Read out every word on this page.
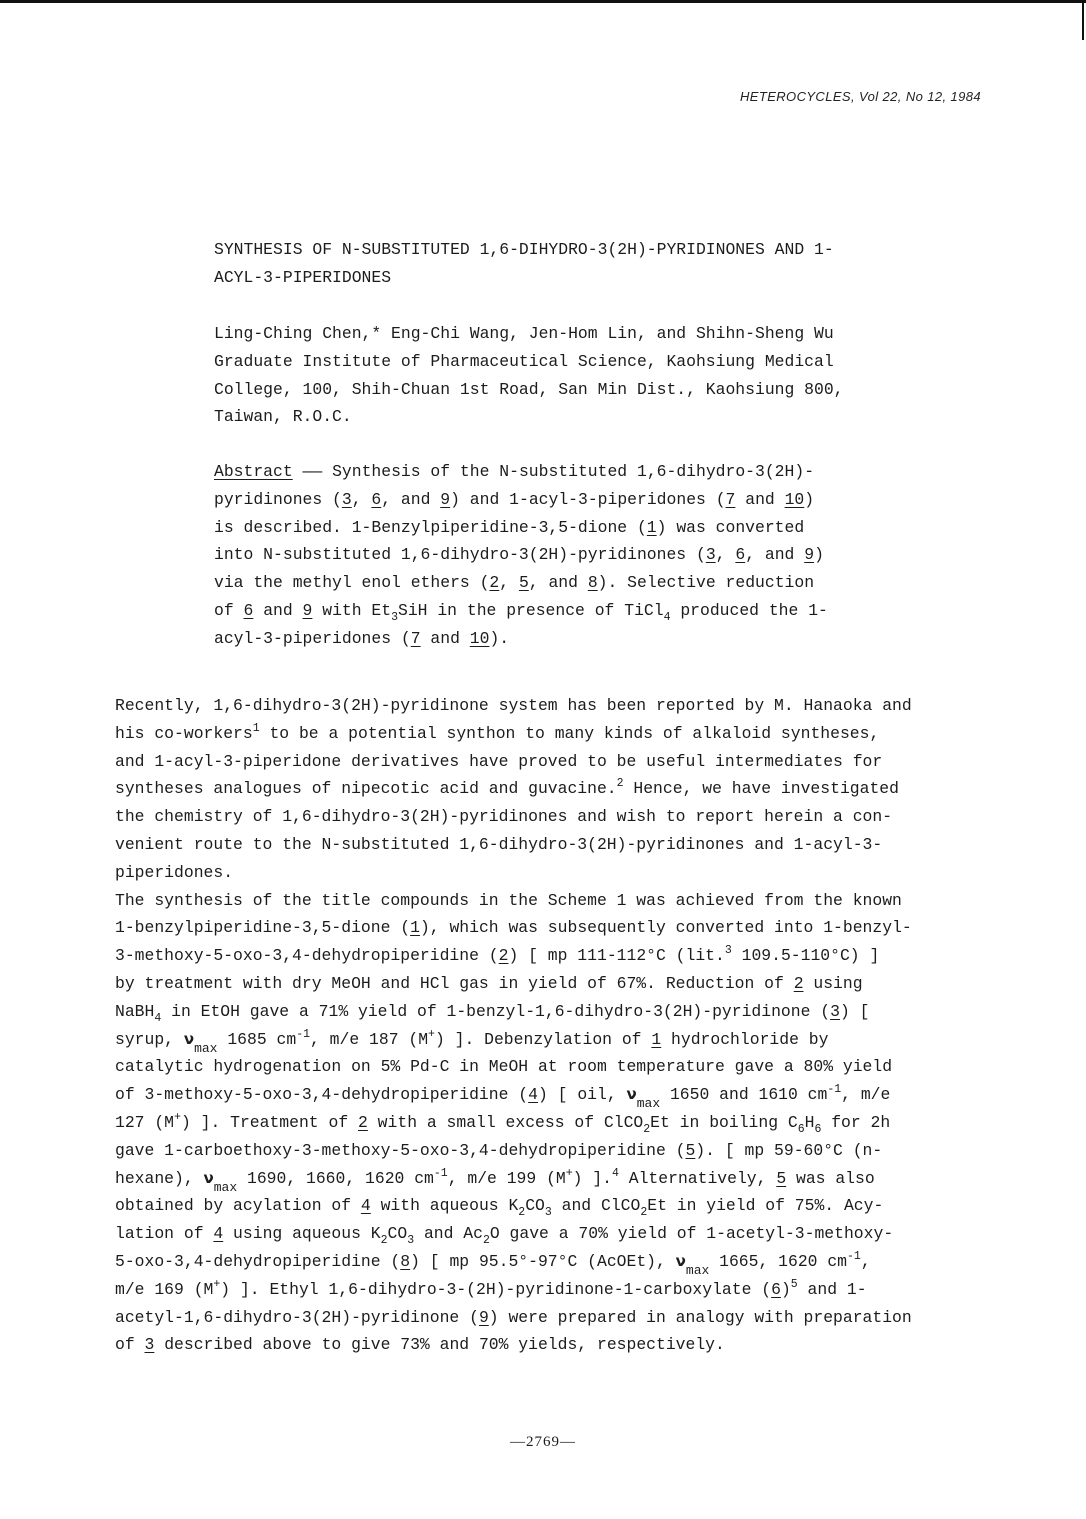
HETEROCYCLES, Vol 22, No 12, 1984
SYNTHESIS OF N-SUBSTITUTED 1,6-DIHYDRO-3(2H)-PYRIDINONES AND 1-
ACYL-3-PIPERIDONES
Ling-Ching Chen,* Eng-Chi Wang, Jen-Hom Lin, and Shihn-Sheng Wu
Graduate Institute of Pharmaceutical Science, Kaohsiung Medical
College, 100, Shih-Chuan 1st Road, San Min Dist., Kaohsiung 800,
Taiwan, R.O.C.
Abstract —— Synthesis of the N-substituted 1,6-dihydro-3(2H)-
pyridinones (3, 6, and 9) and 1-acyl-3-piperidones (7 and 10)
is described. 1-Benzylpiperidine-3,5-dione (1) was converted
into N-substituted 1,6-dihydro-3(2H)-pyridinones (3, 6, and 9)
via the methyl enol ethers (2, 5, and 8). Selective reduction
of 6 and 9 with $Et_3SiH$ in the presence of TiCl$_4$ produced the 1-
acyl-3-piperidones (7 and 10).
Recently, 1,6-dihydro-3(2H)-pyridinone system has been reported by M. Hanaoka and
his co-workers$^1$ to be a potential synthon to many kinds of alkaloid syntheses,
and 1-acyl-3-piperidone derivatives have proved to be useful intermediates for
syntheses analogues of nipecotic acid and guvacine.$^2$ Hence, we have investigated
the chemistry of 1,6-dihydro-3(2H)-pyridinones and wish to report herein a con-
venient route to the N-substituted 1,6-dihydro-3(2H)-pyridinones and 1-acyl-3-
piperidones.
The synthesis of the title compounds in the Scheme 1 was achieved from the known
1-benzylpiperidine-3,5-dione (1), which was subsequently converted into 1-benzyl-
3-methoxy-5-oxo-3,4-dehydropiperidine (2) [ mp 111-112°C (lit.$^3$ 109.5-110°C) ]
by treatment with dry MeOH and HCl gas in yield of 67%. Reduction of 2 using
NaBH$_4$ in EtOH gave a 71% yield of 1-benzyl-1,6-dihydro-3(2H)-pyridinone (3) [
syrup, $\nu_{max}$ 1685 $cm^{-1}$, m/e 187 (M+) ]. Debenzylation of 1 hydrochloride by
catalytic hydrogenation on 5% Pd-C in MeOH at room temperature gave a 80% yield
of 3-methoxy-5-oxo-3,4-dehydropiperidine (4) [ oil, $\nu_{max}$ 1650 and 1610 $cm^{-1}$, m/e
127 (M+) ]. Treatment of 2 with a small excess of ClCO$_2$Et in boiling $C_6H_6$ for 2h
gave 1-carboethoxy-3-methoxy-5-oxo-3,4-dehydropiperidine (5). [ mp 59-60°C (n-
hexane), $\nu_{max}$ 1690, 1660, 1620 $cm^{-1}$, m/e 199 (M+) ].$^4$ Alternatively, 5 was also
obtained by acylation of 4 with aqueous $K_2CO_3$ and ClCO$_2$Et in yield of 75%. Acy-
lation of 4 using aqueous $K_2CO_3$ and $Ac_2O$ gave a 70% yield of 1-acetyl-3-methoxy-
5-oxo-3,4-dehydropiperidine (8) [ mp 95.5°-97°C (AcOEt), $\nu_{max}$ 1665, 1620 $cm^{-1}$,
m/e 169 (M+) ]. Ethyl 1,6-dihydro-3-(2H)-pyridinone-1-carboxylate $(6)^5$ and 1-
acetyl-1,6-dihydro-3(2H)-pyridinone (9) were prepared in analogy with preparation
of 3 described above to give 73% and 70% yields, respectively.
—2769—
